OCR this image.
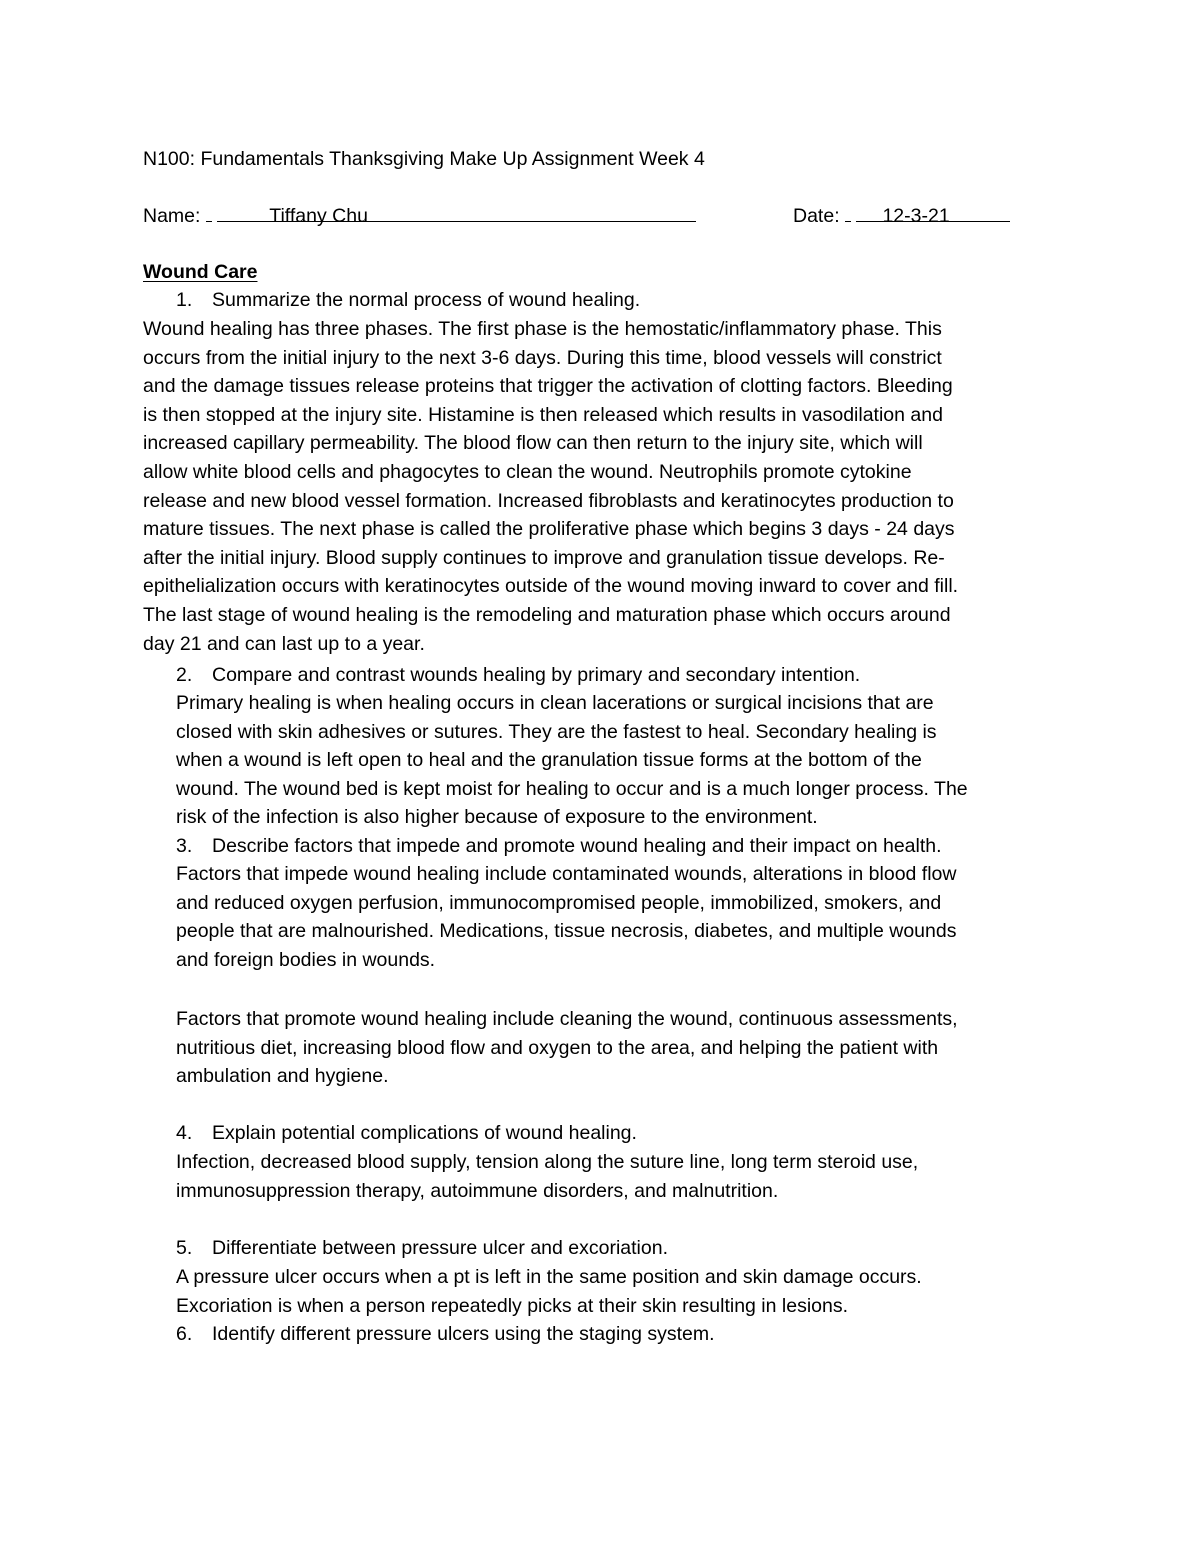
N100: Fundamentals Thanksgiving Make Up Assignment Week 4
Name:	Tiffany Chu	Date: 12-3-21
Wound Care
1. Summarize the normal process of wound healing.

Wound healing has three phases. The first phase is the hemostatic/inflammatory phase. This

occurs from the initial injury to the next 3-6 days. During this time, blood vessels will constrict

and the damage tissues release proteins that trigger the activation of clotting factors. Bleeding

is then stopped at the injury site. Histamine is then released which results in vasodilation and

increased capillary permeability. The blood flow can then return to the injury site, which will

allow white blood cells and phagocytes to clean the wound. Neutrophils promote cytokine

release and new blood vessel formation. Increased fibroblasts and keratinocytes production to

mature tissues. The next phase is called the proliferative phase which begins 3 days - 24 days

after the initial injury. Blood supply continues to improve and granulation tissue develops. Re-

epithelialization occurs with keratinocytes outside of the wound moving inward to cover and fill.

The last stage of wound healing is the remodeling and maturation phase which occurs around

day 21 and can last up to a year.

2. Compare and contrast wounds healing by primary and secondary intention.

Primary healing is when healing occurs in clean lacerations or surgical incisions that are

closed with skin adhesives or sutures. They are the fastest to heal. Secondary healing is

when a wound is left open to heal and the granulation tissue forms at the bottom of the

wound. The wound bed is kept moist for healing to occur and is a much longer process. The

risk of the infection is also higher because of exposure to the environment.

3. Describe factors that impede and promote wound healing and their impact on health.

Factors that impede wound healing include contaminated wounds, alterations in blood flow

and reduced oxygen perfusion, immunocompromised people, immobilized, smokers, and

people that are malnourished. Medications, tissue necrosis, diabetes, and multiple wounds

and foreign bodies in wounds.

Factors that promote wound healing include cleaning the wound, continuous assessments,

nutritious diet, increasing blood flow and oxygen to the area, and helping the patient with

ambulation and hygiene.

4. Explain potential complications of wound healing.

Infection, decreased blood supply, tension along the suture line, long term steroid use,

immunosuppression therapy, autoimmune disorders, and malnutrition.

5. Differentiate between pressure ulcer and excoriation.

A pressure ulcer occurs when a pt is left in the same position and skin damage occurs.

Excoriation is when a person repeatedly picks at their skin resulting in lesions.

6. Identify different pressure ulcers using the staging system.
